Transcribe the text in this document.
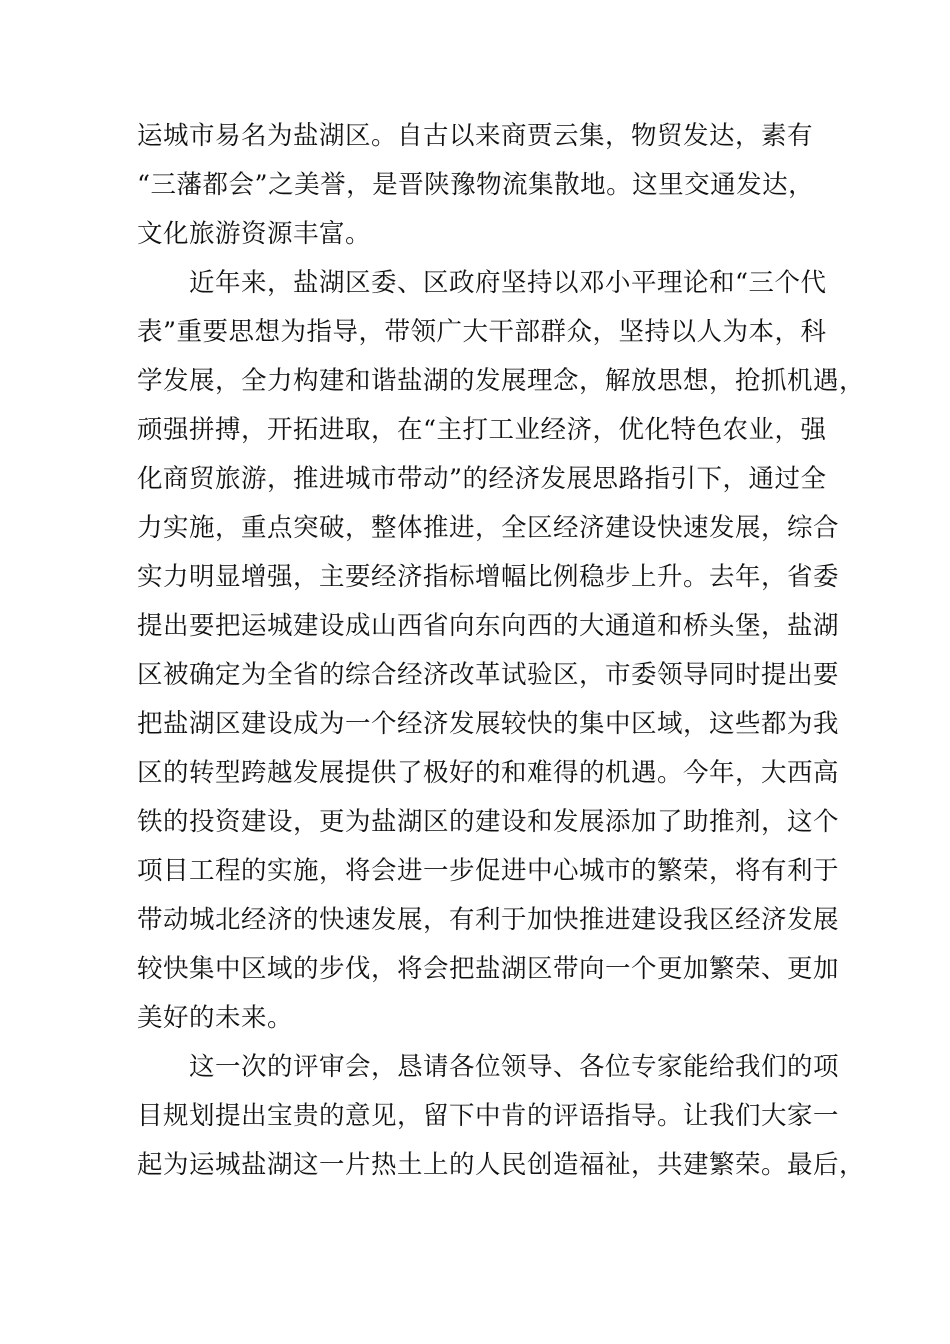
运城市易名为盐湖区。自古以来商贾云集，物贸发达，素有
“三藩都会”之美誉，是晋陕豫物流集散地。这里交通发达，
文化旅游资源丰富。

　　近年来，盐湖区委、区政府坚持以邓小平理论和“三个代
表”重要思想为指导，带领广大干部群众，坚持以人为本，科
学发展，全力构建和谐盐湖的发展理念，解放思想，抢抓机遇，
顽强拼搏，开拓进取，在“主打工业经济，优化特色农业，强
化商贸旅游，推进城市带动”的经济发展思路指引下，通过全
力实施，重点突破，整体推进，全区经济建设快速发展，综合
实力明显增强，主要经济指标增幅比例稳步上升。去年，省委
提出要把运城建设成山西省向东向西的大通道和桥头堡，盐湖
区被确定为全省的综合经济改革试验区，市委领导同时提出要
把盐湖区建设成为一个经济发展较快的集中区域，这些都为我
区的转型跨越发展提供了极好的和难得的机遇。今年，大西高
铁的投资建设，更为盐湖区的建设和发展添加了助推剂，这个
项目工程的实施，将会进一步促进中心城市的繁荣，将有利于
带动城北经济的快速发展，有利于加快推进建设我区经济发展
较快集中区域的步伐，将会把盐湖区带向一个更加繁荣、更加
美好的未来。

　　这一次的评审会，恳请各位领导、各位专家能给我们的项
目规划提出宝贵的意见，留下中肯的评语指导。让我们大家一
起为运城盐湖这一片热土上的人民创造福祉，共建繁荣。最后，
